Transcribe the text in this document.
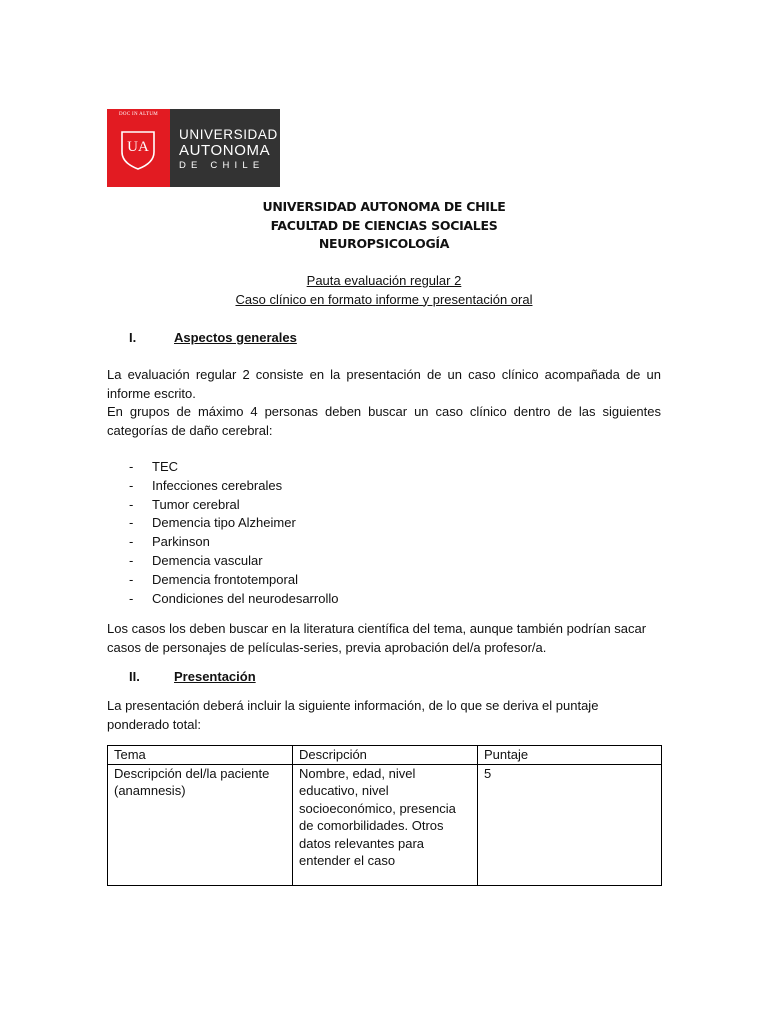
DOC IN ALTUM
UA
UNIVERSIDAD
AUTONOMA
DE CHILE
UNIVERSIDAD AUTONOMA DE CHILE
FACULTAD DE CIENCIAS SOCIALES
NEUROPSICOLOGÍA
Pauta evaluación regular 2
Caso clínico en formato informe y presentación oral
I.	Aspectos generales
La evaluación regular 2 consiste en la presentación de un caso clínico acompañada de un informe escrito.
En grupos de máximo 4 personas deben buscar un caso clínico dentro de las siguientes categorías de daño cerebral:
- TEC
- Infecciones cerebrales
- Tumor cerebral
- Demencia tipo Alzheimer
- Parkinson
- Demencia vascular
- Demencia frontotemporal
- Condiciones del neurodesarrollo
Los casos los deben buscar en la literatura científica del tema, aunque también podrían sacar casos de personajes de películas-series, previa aprobación del/a profesor/a.
II.	Presentación
La presentación deberá incluir la siguiente información, de lo que se deriva el puntaje ponderado total:
Tema	Descripción	Puntaje
Descripción del/la paciente (anamnesis)	Nombre, edad, nivel educativo, nivel socioeconómico, presencia de comorbilidades. Otros datos relevantes para entender el caso	5
